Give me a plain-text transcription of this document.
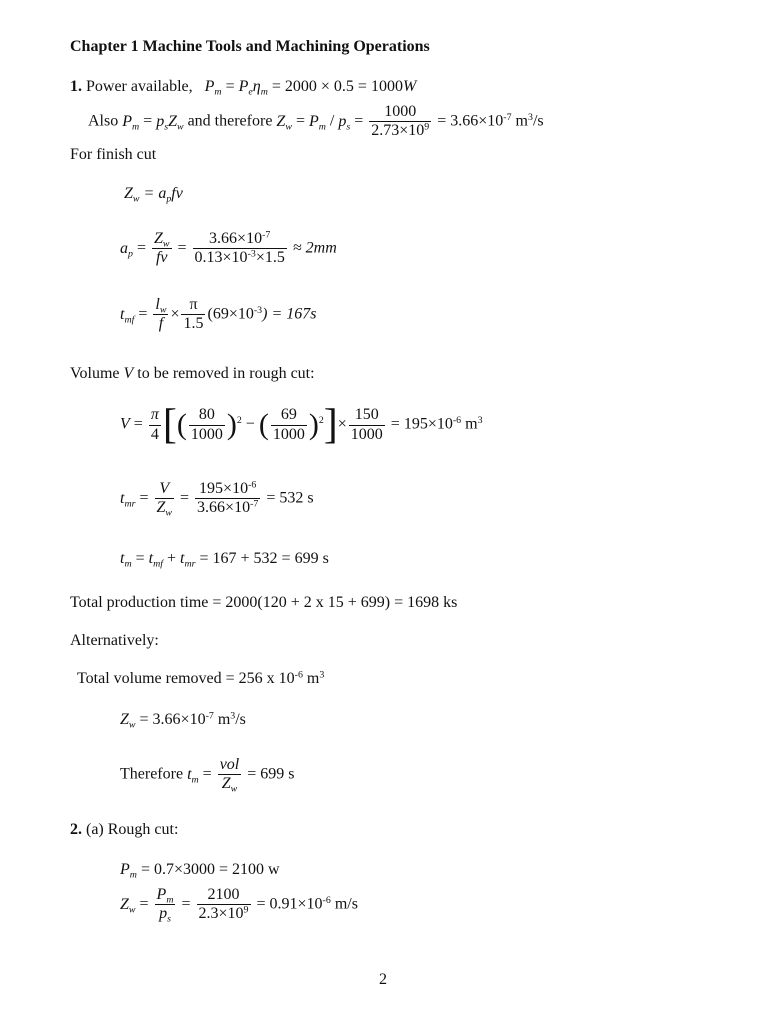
Chapter 1 Machine Tools and Machining Operations
1. Power available, $P_m = P_e\eta_m = 2000 \times 0.5 = 1000W$
Also $P_m = p_sZ_w$ and therefore $Z_w = P_m / p_s = \frac{1000}{2.73\times 10^9} = 3.66\times 10^{-7}$ $m^3/s$
For finish cut
$Z_w = a_pfv$
$a_p = \frac{Z_w}{fv} = \frac{3.66\times 10^{-7}}{0.13\times 10^{-3}\times 1.5} \approx 2mm$
$t_{mf} = \frac{l_w}{f} \times \frac{\pi}{1.5} (69\times 10^{-3}) = 167s$
Volume V to be removed in rough cut:
$V = \frac{\pi}{4}$ [( $\frac{80}{1000} )^2$ − ( $\frac{69}{1000} )^2]\times \frac{150}{1000} = 195\times 10^{-6}$ $m^3$
$t_{mr} = \frac{V}{Z_w} = \frac{195\times 10^{-6}}{3.66\times 10^{-7}} = 532$ s
$t_m = t_{mf} + t_{mr} = 167 + 532 = 699$ s
Total production time = 2000(120 + 2 x 15 + 699) = 1698 ks
Alternatively:
Total volume removed = 256 x $10^{-6}$ $m^3$
$Z_w = 3.66\times 10^{-7}$ $m^3/s$
Therefore $t_m = \frac{\text{vol}}{Z_w} = 699$ s
2. (a) Rough cut:
$P_m = 0.7\times 3000 = 2100$ w
$Z_w = \frac{P_m}{p_s} = \frac{2100}{2.3\times 10^9} = 0.91\times 10^{-6}$ m/s
2
